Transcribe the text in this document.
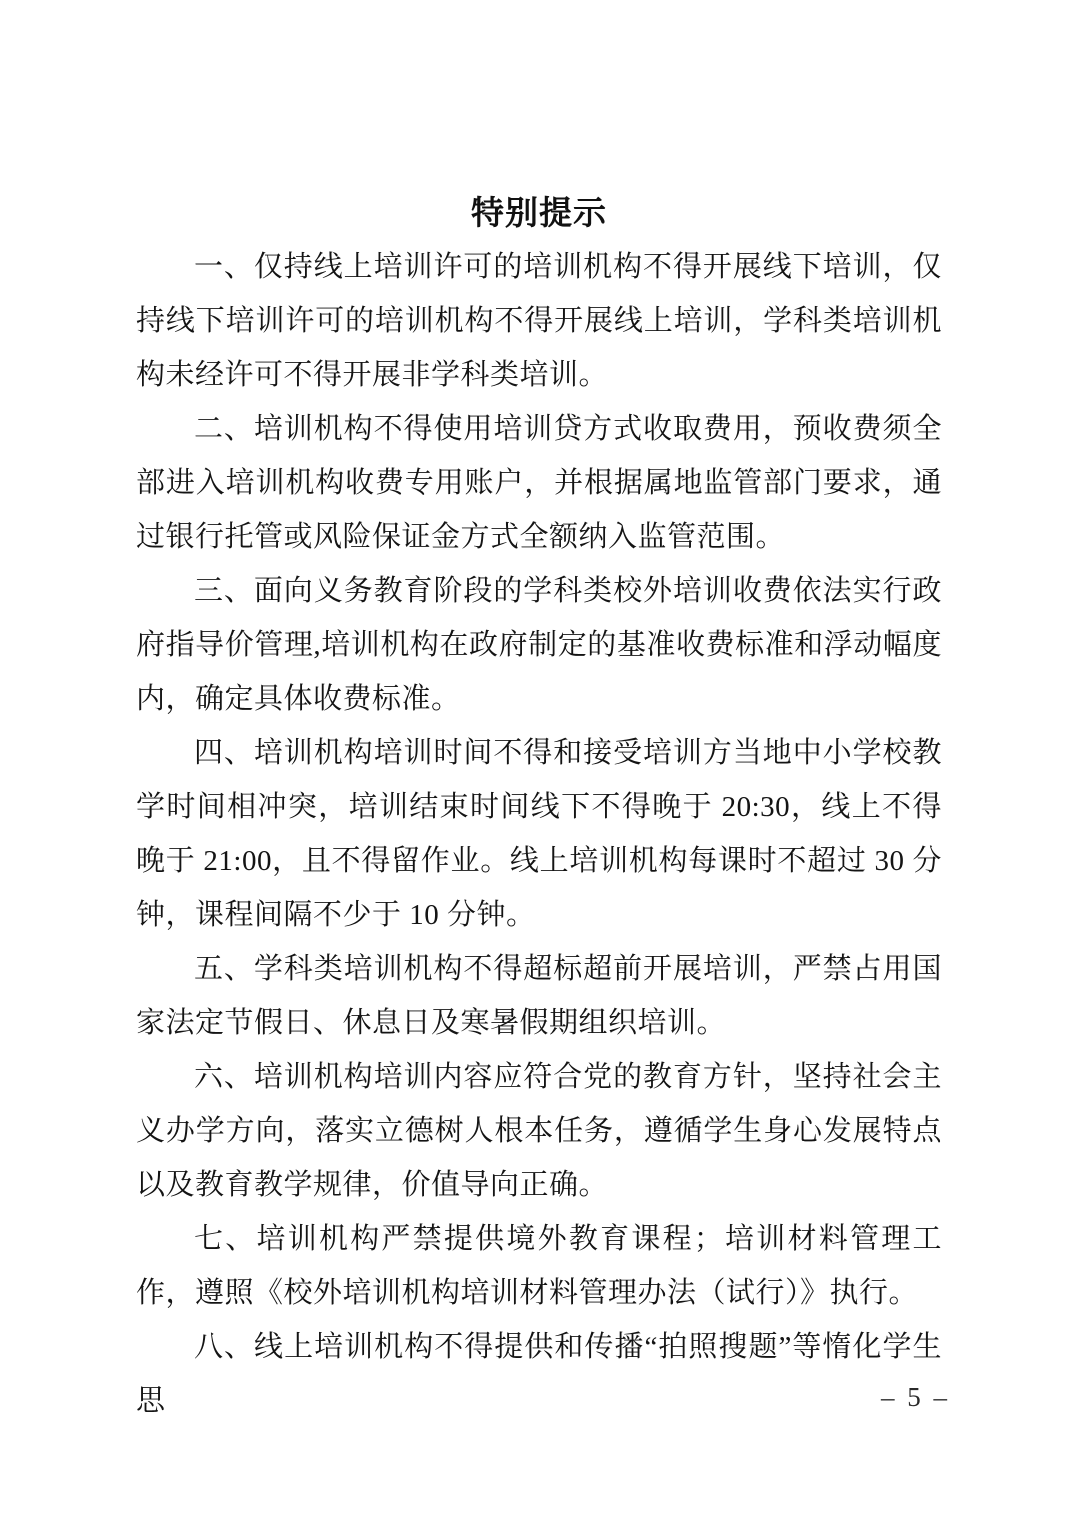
特别提示

一、仅持线上培训许可的培训机构不得开展线下培训，仅持线下培训许可的培训机构不得开展线上培训，学科类培训机构未经许可不得开展非学科类培训。

二、培训机构不得使用培训贷方式收取费用，预收费须全部进入培训机构收费专用账户，并根据属地监管部门要求，通过银行托管或风险保证金方式全额纳入监管范围。

三、面向义务教育阶段的学科类校外培训收费依法实行政府指导价管理,培训机构在政府制定的基准收费标准和浮动幅度内，确定具体收费标准。

四、培训机构培训时间不得和接受培训方当地中小学校教学时间相冲突，培训结束时间线下不得晚于 20:30，线上不得晚于 21:00，且不得留作业。线上培训机构每课时不超过 30 分钟，课程间隔不少于 10 分钟。

五、学科类培训机构不得超标超前开展培训，严禁占用国家法定节假日、休息日及寒暑假期组织培训。

六、培训机构培训内容应符合党的教育方针，坚持社会主义办学方向，落实立德树人根本任务，遵循学生身心发展特点以及教育教学规律，价值导向正确。

七、培训机构严禁提供境外教育课程；培训材料管理工作，遵照《校外培训机构培训材料管理办法（试行）》执行。

八、线上培训机构不得提供和传播“拍照搜题”等惰化学生思	– 5 –
